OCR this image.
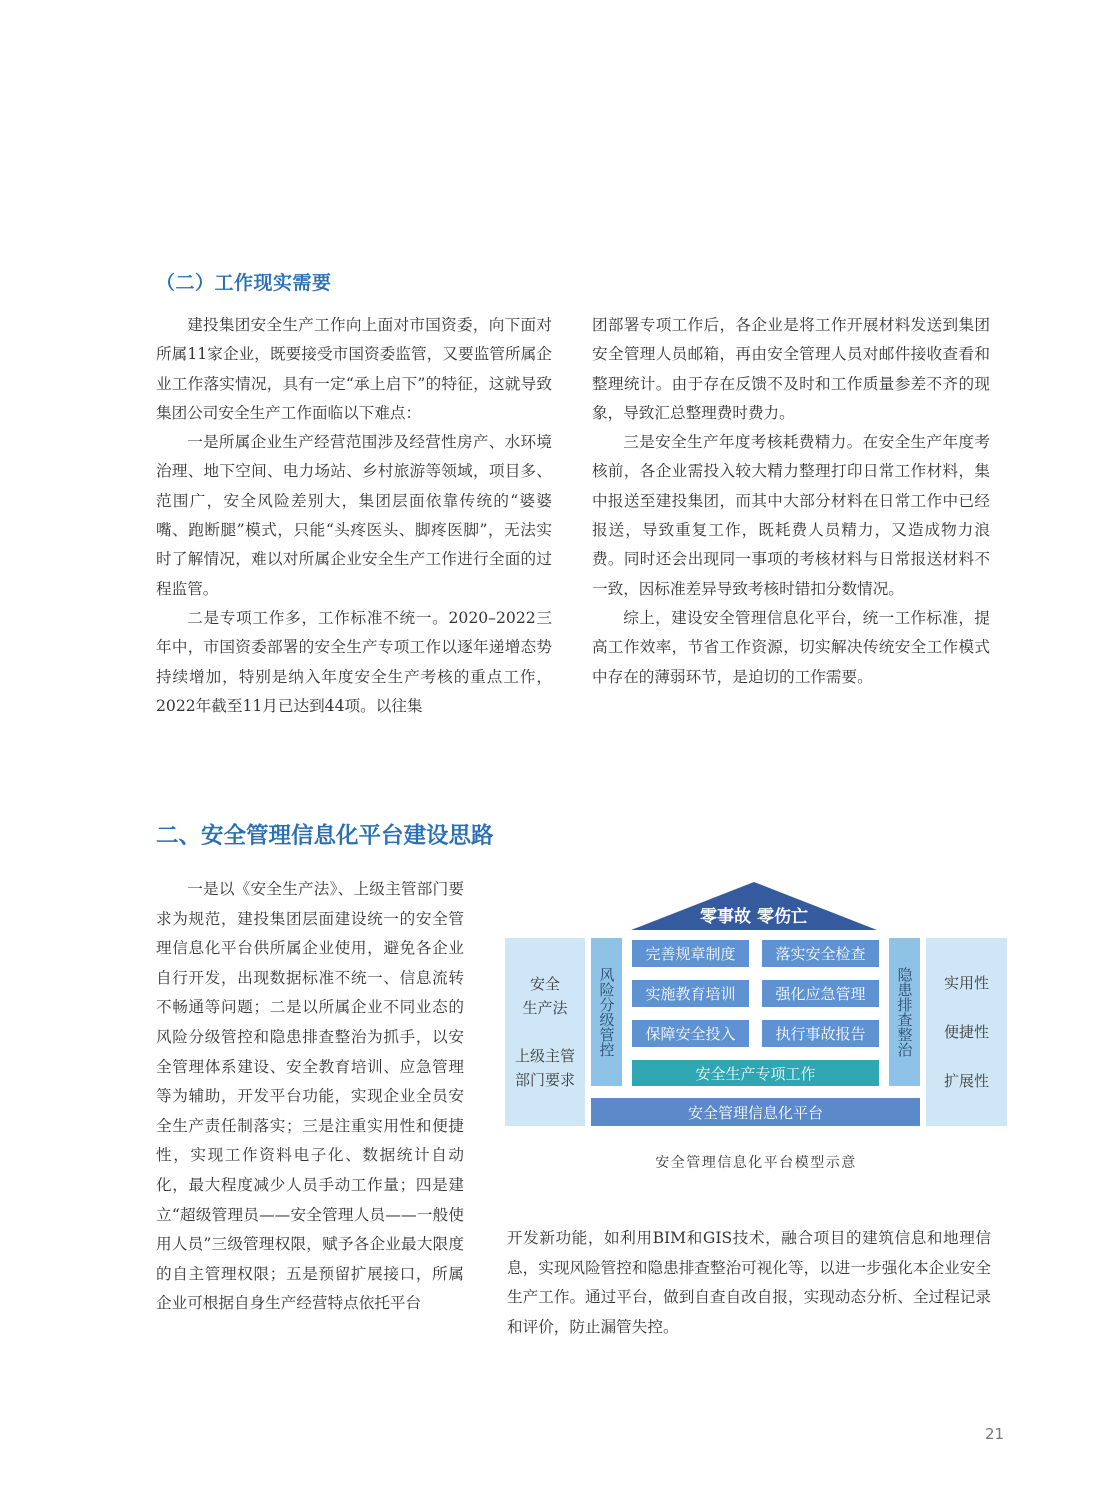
（二）工作现实需要

建投集团安全生产工作向上面对市国资委，向下面对所属11家企业，既要接受市国资委监管，又要监管所属企业工作落实情况，具有一定“承上启下”的特征，这就导致集团公司安全生产工作面临以下难点：

一是所属企业生产经营范围涉及经营性房产、水环境治理、地下空间、电力场站、乡村旅游等领域，项目多、范围广，安全风险差别大，集团层面依靠传统的“婆婆嘴、跑断腿”模式，只能“头疼医头、脚疼医脚”，无法实时了解情况，难以对所属企业安全生产工作进行全面的过程监管。

二是专项工作多，工作标准不统一。2020–2022三年中，市国资委部署的安全生产专项工作以逐年递增态势持续增加，特别是纳入年度安全生产考核的重点工作，2022年截至11月已达到44项。以往集

团部署专项工作后，各企业是将工作开展材料发送到集团安全管理人员邮箱，再由安全管理人员对邮件接收查看和整理统计。由于存在反馈不及时和工作质量参差不齐的现象，导致汇总整理费时费力。

三是安全生产年度考核耗费精力。在安全生产年度考核前，各企业需投入较大精力整理打印日常工作材料，集中报送至建投集团，而其中大部分材料在日常工作中已经报送，导致重复工作，既耗费人员精力，又造成物力浪费。同时还会出现同一事项的考核材料与日常报送材料不一致，因标准差异导致考核时错扣分数情况。

综上，建设安全管理信息化平台，统一工作标准，提高工作效率，节省工作资源，切实解决传统安全工作模式中存在的薄弱环节，是迫切的工作需要。

二、安全管理信息化平台建设思路

一是以《安全生产法》、上级主管部门要求为规范，建投集团层面建设统一的安全管理信息化平台供所属企业使用，避免各企业自行开发，出现数据标准不统一、信息流转不畅通等问题；二是以所属企业不同业态的风险分级管控和隐患排查整治为抓手，以安全管理体系建设、安全教育培训、应急管理等为辅助，开发平台功能，实现企业全员安全生产责任制落实；三是注重实用性和便捷性，实现工作资料电子化、数据统计自动化，最大程度减少人员手动工作量；四是建立“超级管理员——安全管理人员——一般使用人员”三级管理权限，赋予各企业最大限度的自主管理权限；五是预留扩展接口，所属企业可根据自身生产经营特点依托平台

零事故 零伤亡
安全
生产法
上级主管
部门要求
风险分级管控	隐患排查整治
完善规章制度	落实安全检查
实施教育培训	强化应急管理
保障安全投入	执行事故报告
安全生产专项工作
安全管理信息化平台
实用性
便捷性
扩展性
安全管理信息化平台模型示意

开发新功能，如利用BIM和GIS技术，融合项目的建筑信息和地理信息，实现风险管控和隐患排查整治可视化等，以进一步强化本企业安全生产工作。通过平台，做到自查自改自报，实现动态分析、全过程记录和评价，防止漏管失控。

21
